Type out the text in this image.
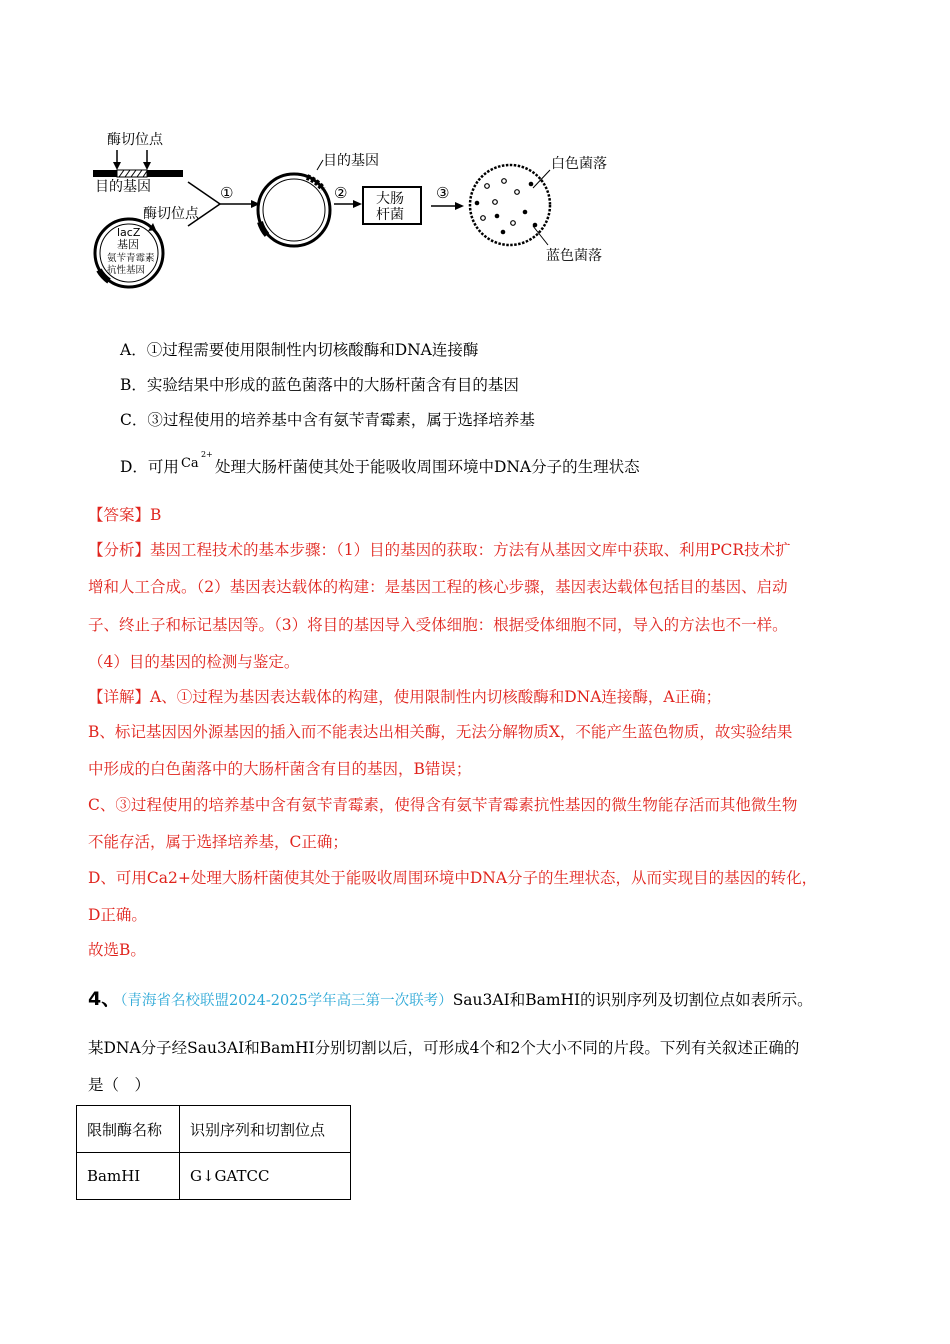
酶切位点
目的基因
酶切位点
lacZ
基因
氨苄青霉素
抗性基因
①
目的基因
② 大肠
杆菌
③
白色菌落
蓝色菌落
A．①过程需要使用限制性内切核酸酶和DNA连接酶
B．实验结果中形成的蓝色菌落中的大肠杆菌含有目的基因
C．③过程使用的培养基中含有氨苄青霉素，属于选择培养基
D．可用 Ca
2+
处理大肠杆菌使其处于能吸收周围环境中DNA分子的生理状态
【答案】B
【分析】基因工程技术的基本步骤：（1）目的基因的获取：方法有从基因文库中获取、利用PCR技术扩
增和人工合成。（2）基因表达载体的构建：是基因工程的核心步骤，基因表达载体包括目的基因、启动
子、终止子和标记基因等。（3）将目的基因导入受体细胞：根据受体细胞不同，导入的方法也不一样。
（4）目的基因的检测与鉴定。
【详解】A、①过程为基因表达载体的构建，使用限制性内切核酸酶和DNA连接酶，A正确；
B、标记基因因外源基因的插入而不能表达出相关酶，无法分解物质X，不能产生蓝色物质，故实验结果
中形成的白色菌落中的大肠杆菌含有目的基因，B错误；
C、③过程使用的培养基中含有氨苄青霉素，使得含有氨苄青霉素抗性基因的微生物能存活而其他微生物
不能存活，属于选择培养基，C正确；
D、可用Ca2+处理大肠杆菌使其处于能吸收周围环境中DNA分子的生理状态，从而实现目的基因的转化，
D正确。
故选B。
4、（青海省名校联盟2024-2025学年高三第一次联考）Sau3AI和BamHI的识别序列及切割位点如表所示。
某DNA分子经Sau3AI和BamHI分别切割以后，可形成4个和2个大小不同的片段。下列有关叙述正确的
是（　）
限制酶名称	识别序列和切割位点
BamHI	G↓GATCC
